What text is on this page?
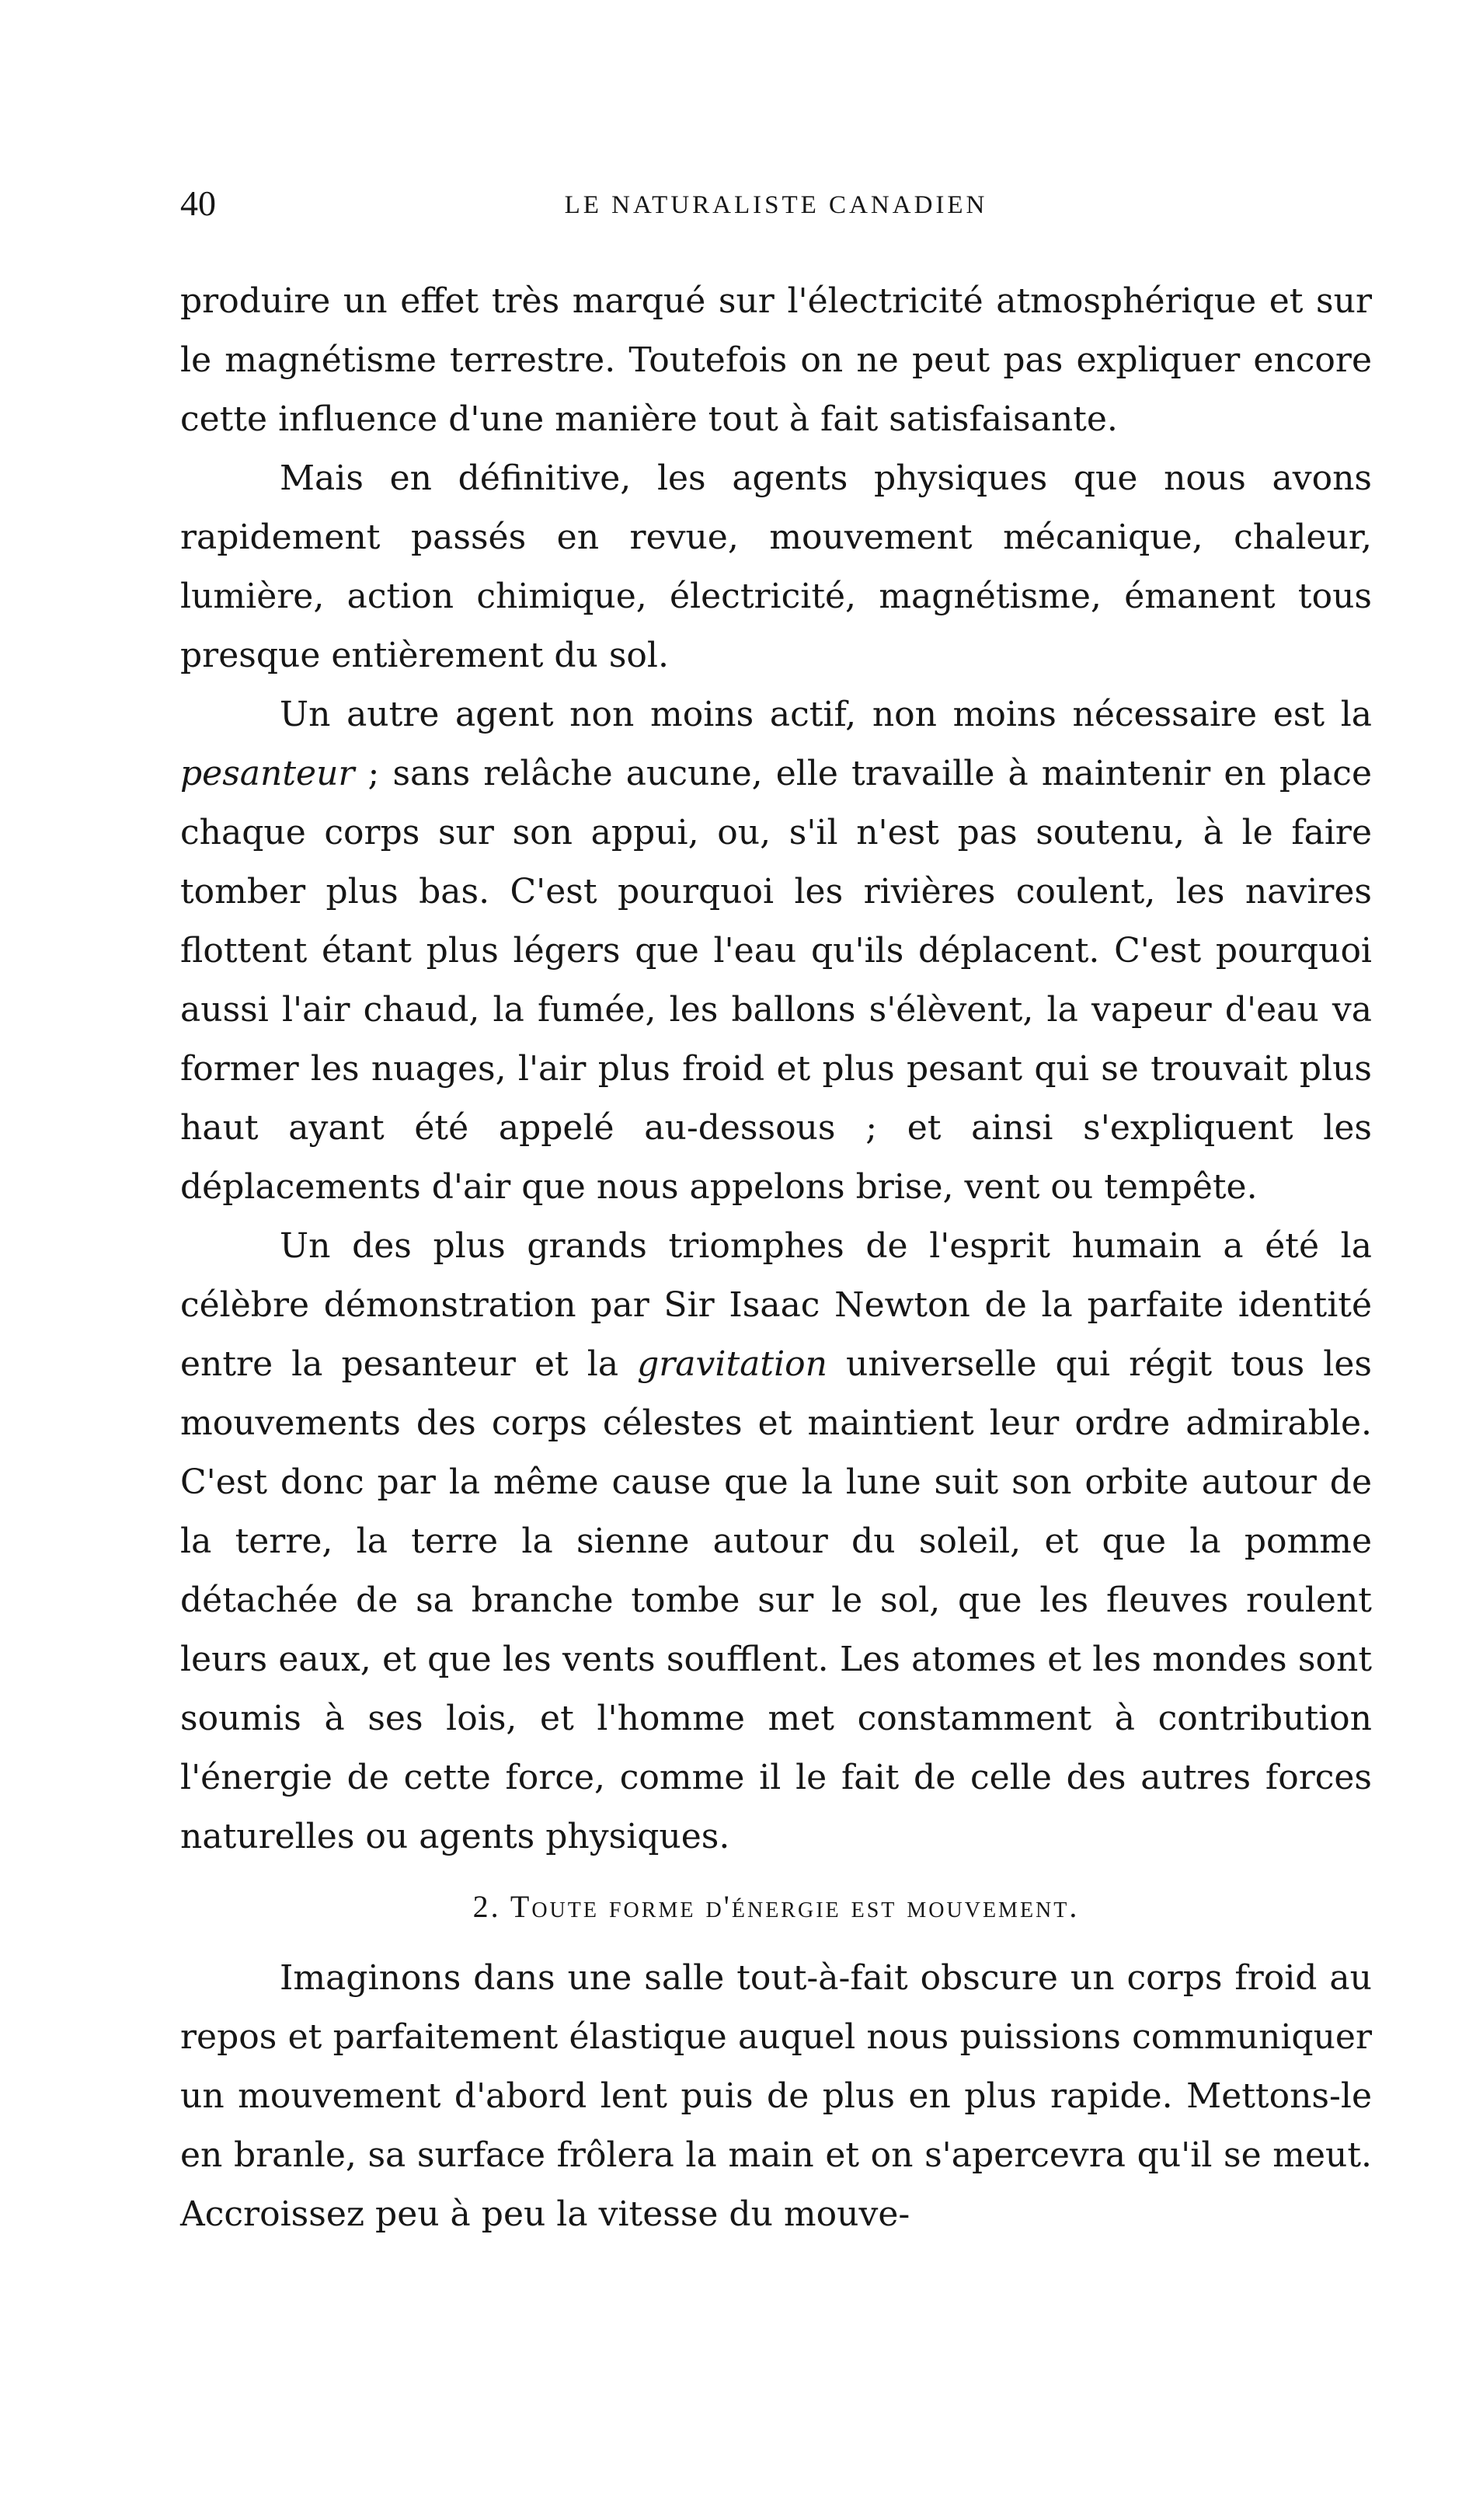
40	LE NATURALISTE CANADIEN

produire un effet très marqué sur l'électricité atmosphérique et sur le magnétisme terrestre. Toutefois on ne peut pas expliquer encore cette influence d'une manière tout à fait satisfaisante.

Mais en définitive, les agents physiques que nous avons rapidement passés en revue, mouvement mécanique, chaleur, lumière, action chimique, électricité, magnétisme, émanent tous presque entièrement du sol.

Un autre agent non moins actif, non moins nécessaire est la pesanteur ; sans relâche aucune, elle travaille à maintenir en place chaque corps sur son appui, ou, s'il n'est pas soutenu, à le faire tomber plus bas. C'est pourquoi les rivières coulent, les navires flottent étant plus légers que l'eau qu'ils déplacent. C'est pourquoi aussi l'air chaud, la fumée, les ballons s'élèvent, la vapeur d'eau va former les nuages, l'air plus froid et plus pesant qui se trouvait plus haut ayant été appelé au-dessous ; et ainsi s'expliquent les déplacements d'air que nous appelons brise, vent ou tempête.

Un des plus grands triomphes de l'esprit humain a été la célèbre démonstration par Sir Isaac Newton de la parfaite identité entre la pesanteur et la gravitation universelle qui régit tous les mouvements des corps célestes et maintient leur ordre admirable. C'est donc par la même cause que la lune suit son orbite autour de la terre, la terre la sienne autour du soleil, et que la pomme détachée de sa branche tombe sur le sol, que les fleuves roulent leurs eaux, et que les vents soufflent. Les atomes et les mondes sont soumis à ses lois, et l'homme met constamment à contribution l'énergie de cette force, comme il le fait de celle des autres forces naturelles ou agents physiques.

2. Toute forme d'énergie est mouvement.

Imaginons dans une salle tout-à-fait obscure un corps froid au repos et parfaitement élastique auquel nous puissions communiquer un mouvement d'abord lent puis de plus en plus rapide. Mettons-le en branle, sa surface frôlera la main et on s'apercevra qu'il se meut. Accroissez peu à peu la vitesse du mouve-
